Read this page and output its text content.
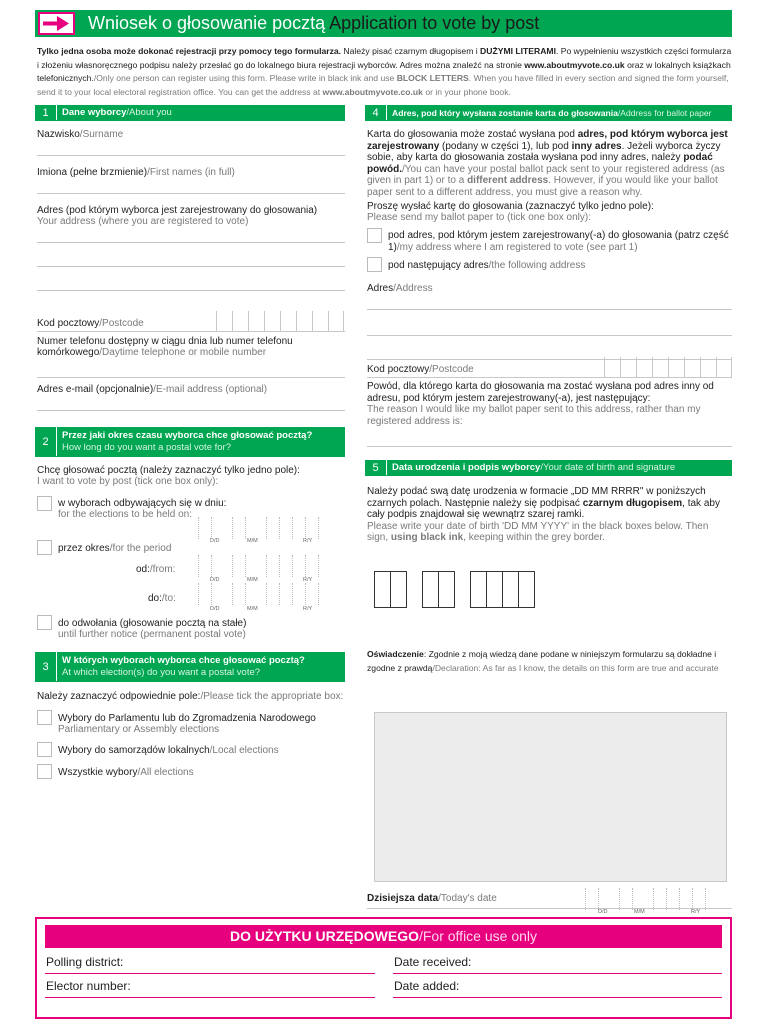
Wniosek o głosowanie pocztą Application to vote by post
Tylko jedna osoba może dokonać rejestracji przy pomocy tego formularza. Należy pisać czarnym długopisem i DUŻYMI LITERAMI. Po wypełnieniu wszystkich części formularza i złożeniu własnoręcznego podpisu należy przesłać go do lokalnego biura rejestracji wyborców. Adres można znaleźć na stronie www.aboutmyvote.co.uk oraz w lokalnych książkach telefonicznych./Only one person can register using this form. Please write in black ink and use BLOCK LETTERS. When you have filled in every section and signed the form yourself, send it to your local electoral registration office. You can get the address at www.aboutmyvote.co.uk or in your phone book.
1	Dane wyborcy /About you
Nazwisko/Surname
Imiona (pełne brzmienie)/First names (in full)
Adres (pod którym wyborca jest zarejestrowany do głosowania)
Your address (where you are registered to vote)
Kod pocztowy/Postcode
Numer telefonu dostępny w ciągu dnia lub numer telefonu
komórkowego/Daytime telephone or mobile number
Adres e-mail (opcjonalnie)/E-mail address (optional)
2	Przez jaki okres czasu wyborca chce głosować pocztą?
How long do you want a postal vote for?
Chcę głosować pocztą (należy zaznaczyć tylko jedno pole):
I want to vote by post (tick one box only):
w wyborach odbywających się w dniu:
for the elections to be held on:
D/D	M/M	R/Y
przez okres/for the period
od:/from:
D/D	M/M	R/Y
do:/to:
D/D	M/M	R/Y
do odwołania (głosowanie pocztą na stałe)
until further notice (permanent postal vote)
3	W których wyborach wyborca chce głosować pocztą?
At which election(s) do you want a postal vote?
Należy zaznaczyć odpowiednie pole:/Please tick the appropriate box:
Wybory do Parlamentu lub do Zgromadzenia Narodowego
Parliamentary or Assembly elections
Wybory do samorządów lokalnych/Local elections
Wszystkie wybory/All elections
4	Adres, pod który wysłana zostanie karta do głosowania /Address for ballot paper
Karta do głosowania może zostać wysłana pod adres, pod którym wyborca jest zarejestrowany (podany w części 1), lub pod inny adres. Jeżeli wyborca życzy sobie, aby karta do głosowania została wysłana pod inny adres, należy podać powód./You can have your postal ballot pack sent to your registered address (as given in part 1) or to a different address. However, if you would like your ballot paper sent to a different address, you must give a reason why.
Proszę wysłać kartę do głosowania (zaznaczyć tylko jedno pole):
Please send my ballot paper to (tick one box only):
pod adres, pod którym jestem zarejestrowany(-a) do głosowania (patrz część 1)/my address where I am registered to vote (see part 1)
pod następujący adres/the following address
Adres/Address
Kod pocztowy/Postcode
Powód, dla którego karta do głosowania ma zostać wysłana pod adres inny od adresu, pod którym jestem zarejestrowany(-a), jest następujący:
The reason I would like my ballot paper sent to this address, rather than my registered address is:
5	Data urodzenia i podpis wyborcy /Your date of birth and signature
Należy podać swą datę urodzenia w formacie „DD MM RRRR" w poniższych czarnych polach. Następnie należy się podpisać czarnym długopisem, tak aby cały podpis znajdował się wewnątrz szarej ramki.
Please write your date of birth 'DD MM YYYY' in the black boxes below. Then sign, using black ink, keeping within the grey border.
Oświadczenie: Zgodnie z moją wiedzą dane podane w niniejszym formularzu są dokładne i zgodne z prawdą/Declaration: As far as I know, the details on this form are true and accurate
Dzisiejsza data/Today's date
D/D	M/M	R/Y
DO UŻYTKU URZĘDOWEGO/For office use only
Polling district:	Date received:
Elector number:	Date added:
